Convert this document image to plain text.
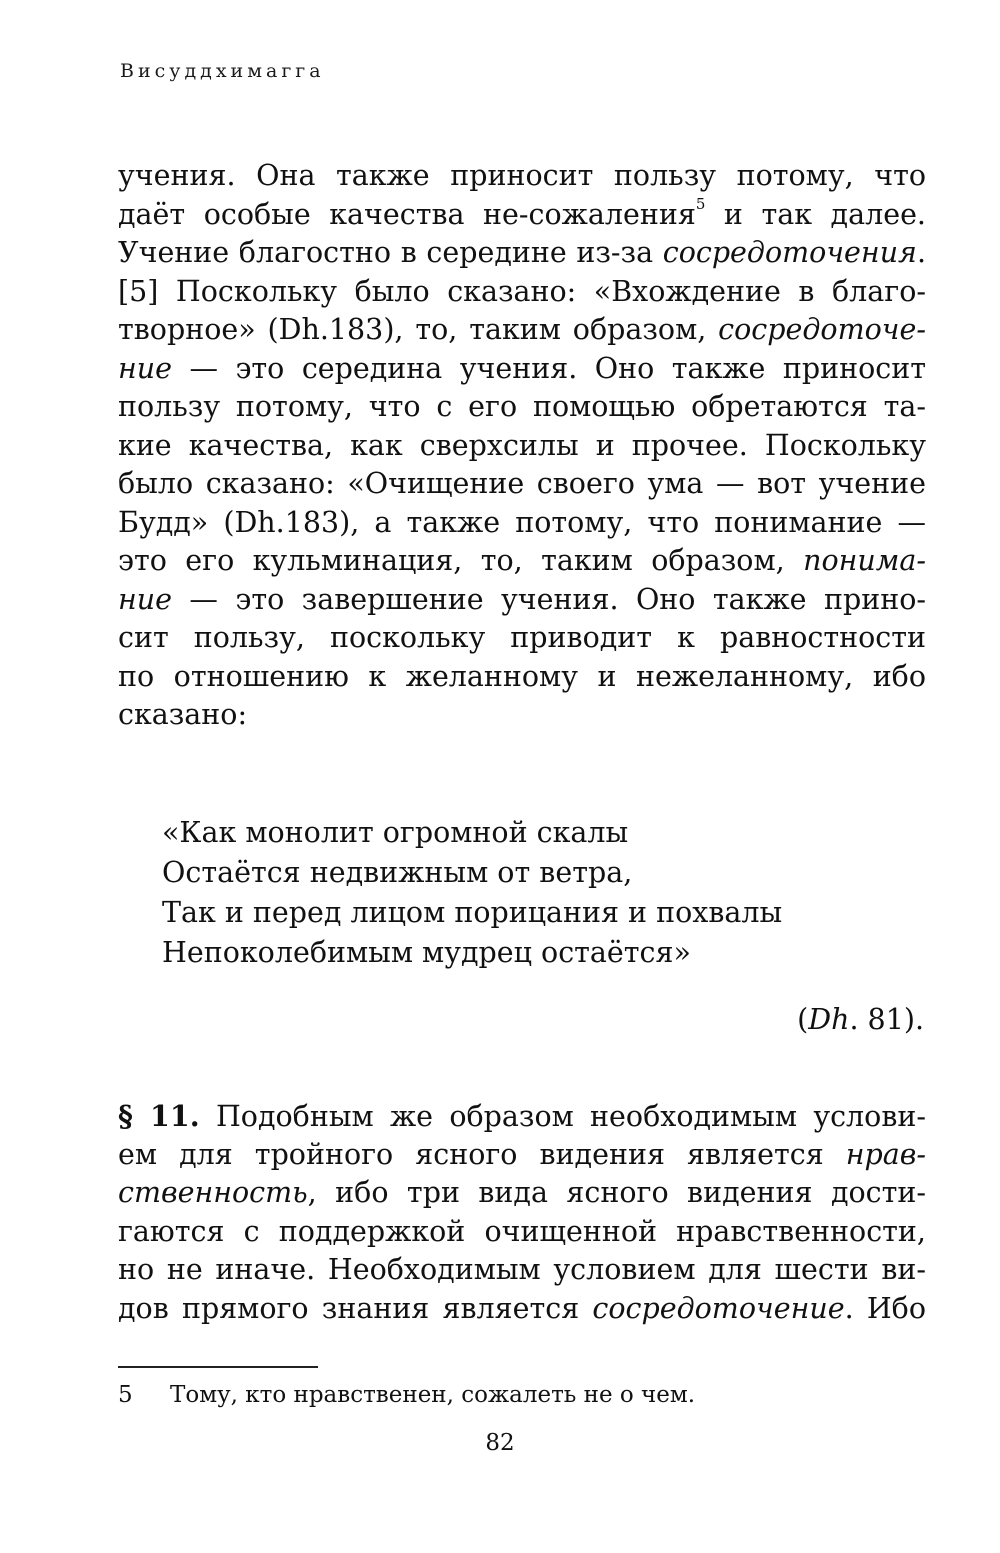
Висуддхимагга
учения. Она также приносит пользу потому, что
даёт особые качества не-сожаления$^5$ и так далее.
Учение благостно в середине из-за сосредоточения.
[5] Поскольку было сказано: «Вхождение в благо-
творное» (Dh.183), то, таким образом, сосредоточе-
ние — это середина учения. Оно также приносит
пользу потому, что с его помощью обретаются та-
кие качества, как сверхсилы и прочее. Поскольку
было сказано: «Очищение своего ума — вот учение
Будд» (Dh.183), а также потому, что понимание —
это его кульминация, то, таким образом, понима-
ние — это завершение учения. Оно также прино-
сит пользу, поскольку приводит к равностности
по отношению к желанному и нежеланному, ибо
сказано:
«Как монолит огромной скалы
Остаётся недвижным от ветра,
Так и перед лицом порицания и похвалы
Непоколебимым мудрец остаётся»
(Dh. 81).
§ 11. Подобным же образом необходимым услови-
ем для тройного ясного видения является нрав-
ственность, ибо три вида ясного видения дости-
гаются с поддержкой очищенной нравственности,
но не иначе. Необходимым условием для шести ви-
дов прямого знания является сосредоточение. Ибо
5 Тому, кто нравственен, сожалеть не о чем.
82
